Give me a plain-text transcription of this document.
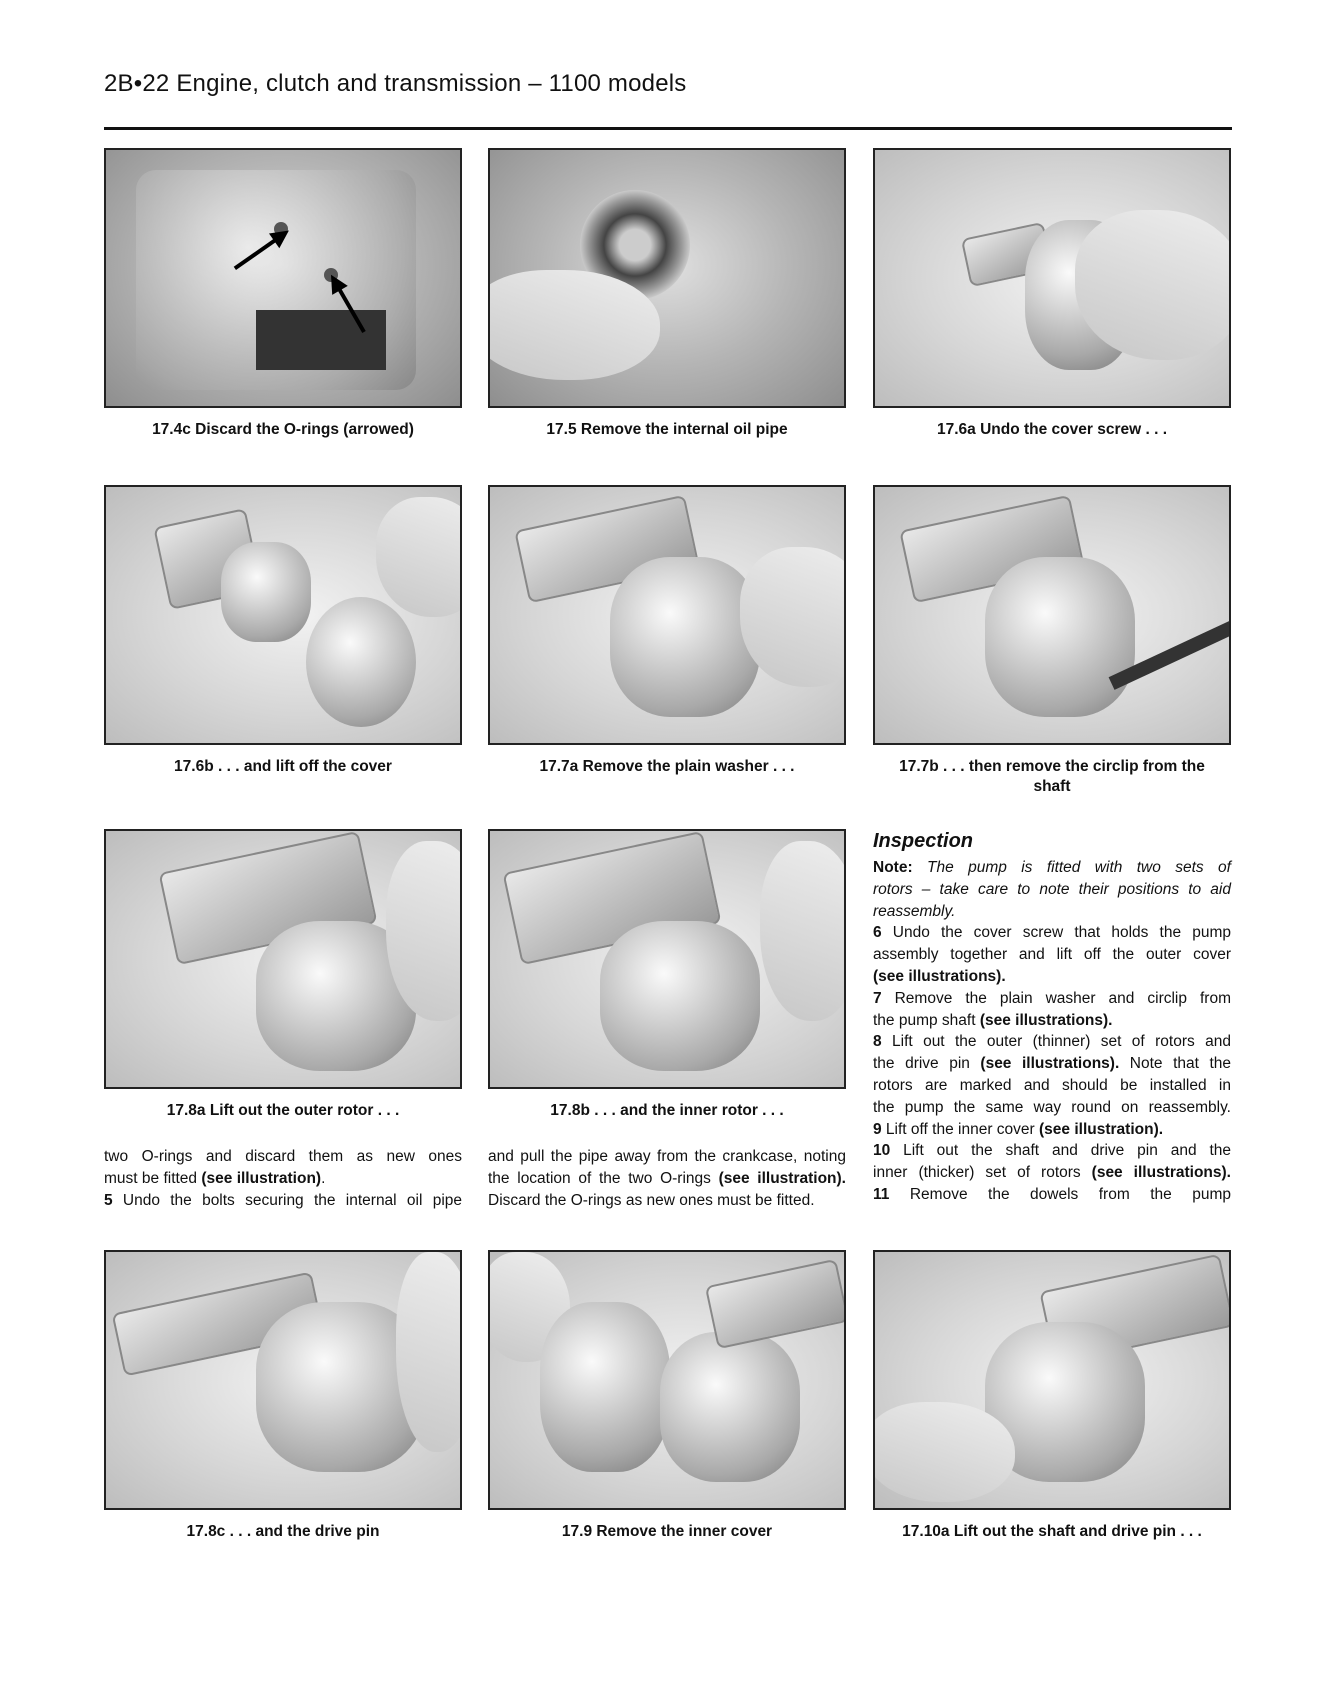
2B•22 Engine, clutch and transmission – 1100 models
17.4c Discard the O-rings (arrowed)	17.5 Remove the internal oil pipe	17.6a Undo the cover screw . . .
17.6b . . . and lift off the cover	17.7a Remove the plain washer . . .	17.7b . . . then remove the circlip from the
shaft
17.8a Lift out the outer rotor . . .	17.8b . . . and the inner rotor . . .
two O-rings and discard them as new ones
must be fitted (see illustration).
5 Undo the bolts securing the internal oil pipe
and pull the pipe away from the crankcase, noting
the location of the two O-rings (see illustration).
Discard the O-rings as new ones must be fitted.
Inspection
Note: The pump is fitted with two sets of
rotors – take care to note their positions to aid
reassembly.
6 Undo the cover screw that holds the pump
assembly together and lift off the outer cover
(see illustrations).
7 Remove the plain washer and circlip from
the pump shaft (see illustrations).
8 Lift out the outer (thinner) set of rotors and
the drive pin (see illustrations). Note that the
rotors are marked and should be installed in
the pump the same way round on reassembly.
9 Lift off the inner cover (see illustration).
10 Lift out the shaft and drive pin and the
inner (thicker) set of rotors (see illustrations).
11 Remove the dowels from the pump
17.8c . . . and the drive pin	17.9 Remove the inner cover	17.10a Lift out the shaft and drive pin . . .
